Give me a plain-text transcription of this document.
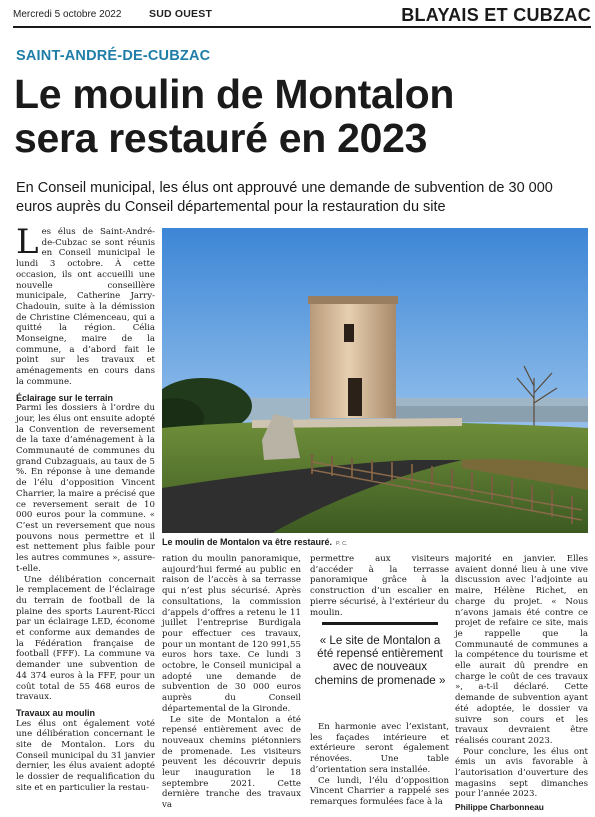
Mercredi 5 octobre 2022	SUD OUEST	BLAYAIS ET CUBZAC
SAINT-ANDRÉ-DE-CUBZAC
Le moulin de Montalon
sera restauré en 2023
En Conseil municipal, les élus ont approuvé une demande de subvention de 30 000 euros auprès du Conseil départemental pour la restauration du site

Les élus de Saint-André-de-Cubzac se sont réunis en Conseil municipal le lundi 3 octobre. À cette occasion, ils ont accueilli une nouvelle conseillère municipale, Catherine Jarry-Chadouin, suite à la démission de Christine Clémenceau, qui a quitté la région. Célia Monseigne, maire de la commune, a d’abord fait le point sur les travaux et aménagements en cours dans la commune.

Éclairage sur le terrain

Parmi les dossiers à l’ordre du jour, les élus ont ensuite adopté la Convention de reversement de la taxe d’aménagement à la Communauté de communes du grand Cubzaguais, au taux de 5 %. En réponse à une demande de l’élu d’opposition Vincent Charrier, la maire a précisé que ce reversement serait de 10 000 euros pour la commune. « C’est un reversement que nous pouvons nous permettre et il est nettement plus faible pour les autres communes », assure-t-elle.

Une délibération concernait le remplacement de l’éclairage du terrain de football de la plaine des sports Laurent-Ricci par un éclairage LED, économe et conforme aux demandes de la Fédération française de football (FFF). La commune va demander une subvention de 44 374 euros à la FFF, pour un coût total de 55 468 euros de travaux.

Travaux au moulin

Les élus ont également voté une délibération concernant le site de Montalon. Lors du Conseil municipal du 31 janvier dernier, les élus avaient adopté le dossier de requalification du site et en particulier la restau-

Le moulin de Montalon va être restauré. P. C.

ration du moulin panoramique, aujourd’hui fermé au public en raison de l’accès à sa terrasse qui n’est plus sécurisé. Après consultations, la commission d’appels d’offres a retenu le 11 juillet l’entreprise Burdigala pour effectuer ces travaux, pour un montant de 120 991,55 euros hors taxe. Ce lundi 3 octobre, le Conseil municipal a adopté une demande de subvention de 30 000 euros auprès du Conseil départemental de la Gironde.

Le site de Montalon a été repensé entièrement avec de nouveaux chemins piétonniers de promenade. Les visiteurs peuvent les découvrir depuis leur inauguration le 18 septembre 2021. Cette dernière tranche des travaux va

permettre aux visiteurs d’accéder à la terrasse panoramique grâce à la construction d’un escalier en pierre sécurisé, à l’extérieur du moulin.

« Le site de Montalon a été repensé entièrement avec de nouveaux chemins de promenade »

En harmonie avec l’existant, les façades intérieure et extérieure seront également rénovées. Une table d’orientation sera installée.

Ce lundi, l’élu d’opposition Vincent Charrier a rappelé ses remarques formulées face à la

majorité en janvier. Elles avaient donné lieu à une vive discussion avec l’adjointe au maire, Hélène Richet, en charge du projet. « Nous n’avons jamais été contre ce projet de refaire ce site, mais je rappelle que la Communauté de communes a la compétence du tourisme et elle aurait dû prendre en charge le coût de ces travaux », a-t-il déclaré. Cette demande de subvention ayant été adoptée, le dossier va suivre son cours et les travaux devraient être réalisés courant 2023.

Pour conclure, les élus ont émis un avis favorable à l’autorisation d’ouverture des magasins sept dimanches pour l’année 2023.

Philippe Charbonneau
